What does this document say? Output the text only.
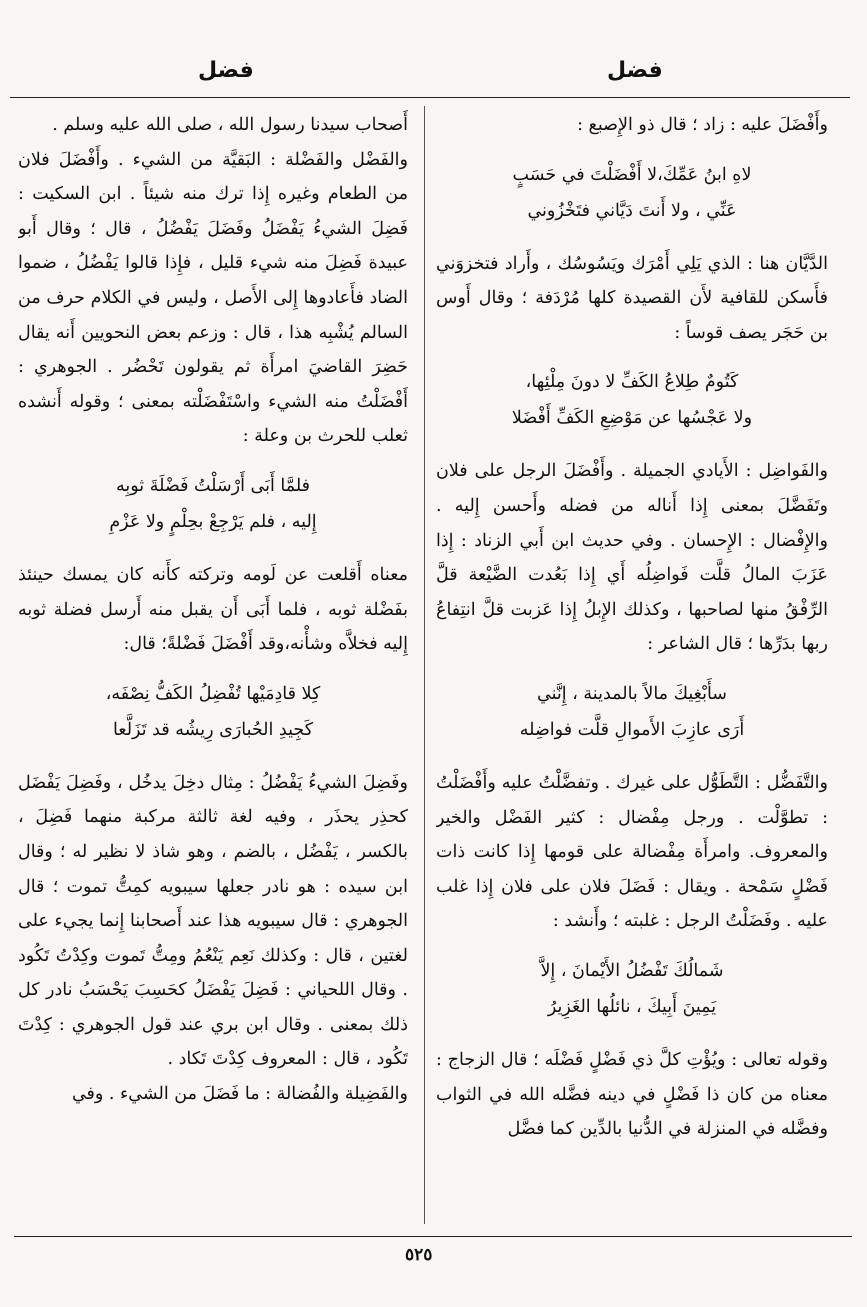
فضل
فضل

وأَفْضَلَ عليه : زاد ؛ قال ذو الإِصبع :

لاهِ ابنُ عَمِّكَ،لا أَفْضَلْتَ في حَسَبٍ
عَنِّي ، ولا أَنتَ دَيَّاني فتَخْزُوني

الدَّيَّان هنا : الذي يَلِي أَمْرَك ويَسُوسُك ، وأَراد فتخزوَني فأَسكن للقافية لأَن القصيدة كلها مُرْدَفة ؛ وقال أَوس بن حَجَر يصف قوساً :

كَتُومٌ طِلاعُ الكَفِّ لا دونَ مِلْئِها،
ولا عَجْسُها عن مَوْضِعِ الكَفِّ أَفْضَلا

والفَواضِل : الأَيادي الجميلة . وأَفْضَلَ الرجل على فلان وتَفَضَّلَ بمعنى إِذا أَناله من فضله وأَحسن إِليه . والإِفْضال : الإِحسان . وفي حديث ابن أَبي الزناد : إِذا عَزَبَ المالُ قلَّت فَواضِلُه أَي إِذا بَعُدت الضَّيْعة قلَّ الرِّفْقُ منها لصاحبها ، وكذلك الإِبلُ إِذا عَزبت قلَّ انتِفاعُ ربها بدَرِّها ؛ قال الشاعر :

سأَبْغِيكَ مالاً بالمدينة ، إِنَّني
أَرَى عازِبَ الأَموالِ قلَّت فواضِله

والتَّفَضُّل : التَّطَوُّل على غيرك . وتفضَّلْتُ عليه وأَفْضَلْتُ : تطوَّلْت . ورجل مِفْضال : كثير الفَضْل والخير والمعروف. وامرأَة مِفْضالة على قومها إِذا كانت ذات فَضْلٍ سَمْحة . ويقال : فَضَلَ فلان على فلان إِذا غلب عليه . وفَضَلْتُ الرجل : غلبته ؛ وأَنشد :

شَمالُكَ تَفْضُلُ الأَيْمانَ ، إِلاَّ
يَمِينَ أَبِيكَ ، نائلُها الغَزِيرُ

وقوله تعالى : ويُؤْتِ كلَّ ذي فَضْلٍ فَضْلَه ؛ قال الزجاج : معناه من كان ذا فَضْلٍ في دينه فضَّله الله في الثواب وفضَّله في المنزلة في الدُّنيا بالدِّين كما فضَّل

أَصحاب سيدنا رسول الله ، صلى الله عليه وسلم .

والفَضْل والفَضْلة : البَقيَّة من الشيء . وأَفْضَلَ فلان من الطعام وغيره إِذا ترك منه شيئاً . ابن السكيت : فَضِلَ الشيءُ يَفْضَلُ وفَضَلَ يَفْضُلُ ، قال ؛ وقال أَبو عبيدة فَضِلَ منه شيء قليل ، فإِذا قالوا يَفْضُلُ ، ضموا الضاد فأَعادوها إِلى الأَصل ، وليس في الكلام حرف من السالم يُشْبِه هذا ، قال : وزعم بعض النحويين أَنه يقال حَضِرَ القاضيَ امرأَة ثم يقولون تَحْضُر . الجوهري : أَفْضَلْتُ منه الشيء واسْتَفْضَلْته بمعنى ؛ وقوله أَنشده ثعلب للحرث بن وعلة :

فلمَّا أَبَى أَرْسَلْتُ فَضْلَةَ ثوبِه
إِليه ، فلم يَرْجِعْ بحِلْمٍ ولا عَزْمِ

معناه أَقلعت عن لَومه وتركته كأَنه كان يمسك حينئذ بفَضْلة ثوبه ، فلما أَبَى أَن يقبل منه أَرسل فضلة ثوبه إِليه فخلاَّه وشأْنه،وقد أَفْضَلَ فَضْلةً؛ قال:

كِلا قادِمَيْها تُفْضِلُ الكَفُّ نِصْفَه،
كَجِيدِ الحُبارَى رِيشُه قد تَزَلَّعا

وفَضِلَ الشيءُ يَفْضُلُ : مِثال دخِلَ يدخُل ، وفَضِلَ يَفْضَل كحذِر يحذَر ، وفيه لغة ثالثة مركبة منهما فَضِلَ ، بالكسر ، يَفْضُل ، بالضم ، وهو شاذ لا نظير له ؛ وقال ابن سيده : هو نادر جعلها سيبويه كمِتُّ تموت ؛ قال الجوهري : قال سيبويه هذا عند أَصحابنا إِنما يجيء على لغتين ، قال : وكذلك نَعِم يَنْعُمُ ومِتُّ تَموت وكِدْتُ تَكُود . وقال اللحياني : فَضِلَ يَفْضَلُ كحَسِبَ يَحْسَبُ نادر كل ذلك بمعنى . وقال ابن بري عند قول الجوهري : كِدْتَ تَكُود ، قال : المعروف كِدْتَ تَكاد .

والفَضِيلة والفُضالة : ما فَضَلَ من الشيء . وفي

٥٢٥
